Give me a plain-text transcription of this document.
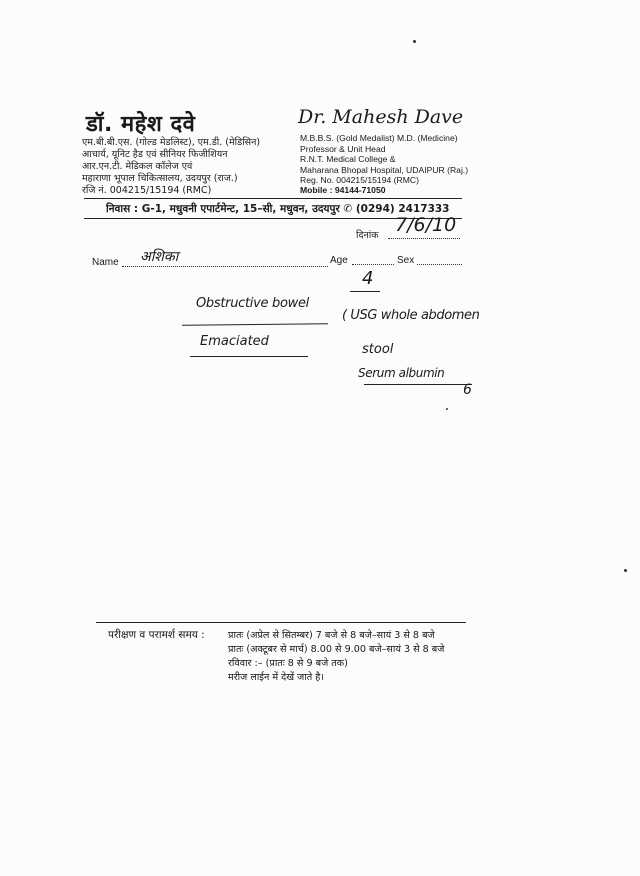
डॉ. महेश दवे
एम.बी.बी.एस. (गोल्ड मेडलिस्ट), एम.डी. (मेडिसिन)
आचार्य, यूनिट हैड एवं सीनियर फिजीशियन
आर.एन.टी. मेडिकल कॉलेज एवं
महाराणा भूपाल चिकित्सालय, उदयपुर (राज.)
रजि नं. 004215/15194 (RMC)
Dr. Mahesh Dave
M.B.B.S. (Gold Medalist) M.D. (Medicine)
Professor & Unit Head
R.N.T. Medical College &
Maharana Bhopal Hospital, UDAIPUR (Raj.)
Reg. No. 004215/15194 (RMC)
Mobile : 94144-71050
निवास : G-1, मधुवनी एपार्टमेन्ट, 15–सी, मधुवन, उदयपुर ✆ (0294) 2417333
दिनांक 7/6/10
Name अशिका	Age	Sex
4
Obstructive bowel
Emaciated
( USG whole abdomen
stool
Serum albumin
6
परीक्षण व परामर्श समय : प्रातः (अप्रेल से सितम्बर) 7 बजे से 8 बजे–सायं 3 से 8 बजे
प्रातः (अक्टूबर से मार्च) 8.00 से 9.00 बजे–सायं 3 से 8 बजे
रविवार :– (प्रातः 8 से 9 बजे तक)
मरीज लाईन में देखें जाते है।
